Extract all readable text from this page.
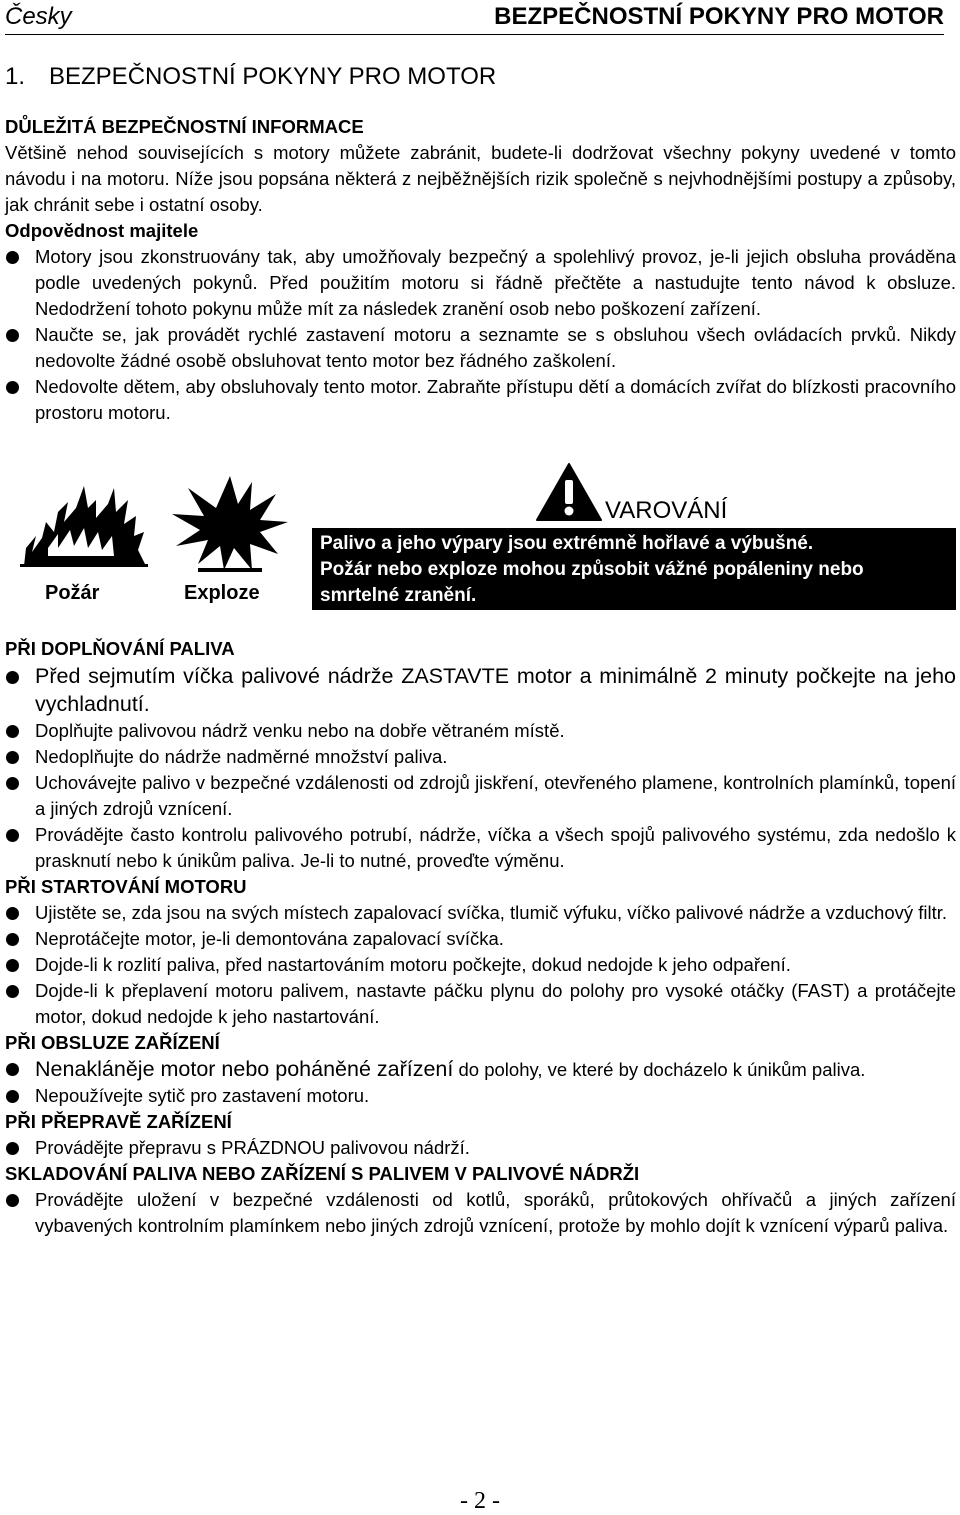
Česky	BEZPEČNOSTNÍ POKYNY PRO MOTOR
1. BEZPEČNOSTNÍ POKYNY PRO MOTOR
DŮLEŽITÁ BEZPEČNOSTNÍ INFORMACE
Většině nehod souvisejících s motory můžete zabránit, budete-li dodržovat všechny pokyny uvedené v tomto návodu i na motoru. Níže jsou popsána některá z nejběžnějších rizik společně s nejvhodnějšími postupy a způsoby, jak chránit sebe i ostatní osoby.
Odpovědnost majitele
Motory jsou zkonstruovány tak, aby umožňovaly bezpečný a spolehlivý provoz, je-li jejich obsluha prováděna podle uvedených pokynů. Před použitím motoru si řádně přečtěte a nastudujte tento návod k obsluze. Nedodržení tohoto pokynu může mít za následek zranění osob nebo poškození zařízení.
Naučte se, jak provádět rychlé zastavení motoru a seznamte se s obsluhou všech ovládacích prvků. Nikdy nedovolte žádné osobě obsluhovat tento motor bez řádného zaškolení.
Nedovolte dětem, aby obsluhovaly tento motor. Zabraňte přístupu dětí a domácích zvířat do blízkosti pracovního prostoru motoru.
Požár	Exploze
VAROVÁNÍ
Palivo a jeho výpary jsou extrémně hořlavé a výbušné.
Požár nebo exploze mohou způsobit vážné popáleniny nebo
smrtelné zranění.
PŘI DOPLŇOVÁNÍ PALIVA
Před sejmutím víčka palivové nádrže ZASTAVTE motor a minimálně 2 minuty počkejte na jeho vychladnutí.
Doplňujte palivovou nádrž venku nebo na dobře větraném místě.
Nedoplňujte do nádrže nadměrné množství paliva.
Uchovávejte palivo v bezpečné vzdálenosti od zdrojů jiskření, otevřeného plamene, kontrolních plamínků, topení a jiných zdrojů vznícení.
Provádějte často kontrolu palivového potrubí, nádrže, víčka a všech spojů palivového systému, zda nedošlo k prasknutí nebo k únikům paliva. Je-li to nutné, proveďte výměnu.
PŘI STARTOVÁNÍ MOTORU
Ujistěte se, zda jsou na svých místech zapalovací svíčka, tlumič výfuku, víčko palivové nádrže a vzduchový filtr.
Neprotáčejte motor, je-li demontována zapalovací svíčka.
Dojde-li k rozlití paliva, před nastartováním motoru počkejte, dokud nedojde k jeho odpaření.
Dojde-li k přeplavení motoru palivem, nastavte páčku plynu do polohy pro vysoké otáčky (FAST) a protáčejte motor, dokud nedojde k jeho nastartování.
PŘI OBSLUZE ZAŘÍZENÍ
Nenakláněje motor nebo poháněné zařízení do polohy, ve které by docházelo k únikům paliva.
Nepoužívejte sytič pro zastavení motoru.
PŘI PŘEPRAVĚ ZAŘÍZENÍ
Provádějte přepravu s PRÁZDNOU palivovou nádrží.
SKLADOVÁNÍ PALIVA NEBO ZAŘÍZENÍ S PALIVEM V PALIVOVÉ NÁDRŽI
Provádějte uložení v bezpečné vzdálenosti od kotlů, sporáků, průtokových ohřívačů a jiných zařízení vybavených kontrolním plamínkem nebo jiných zdrojů vznícení, protože by mohlo dojít k vznícení výparů paliva.
- 2 -
